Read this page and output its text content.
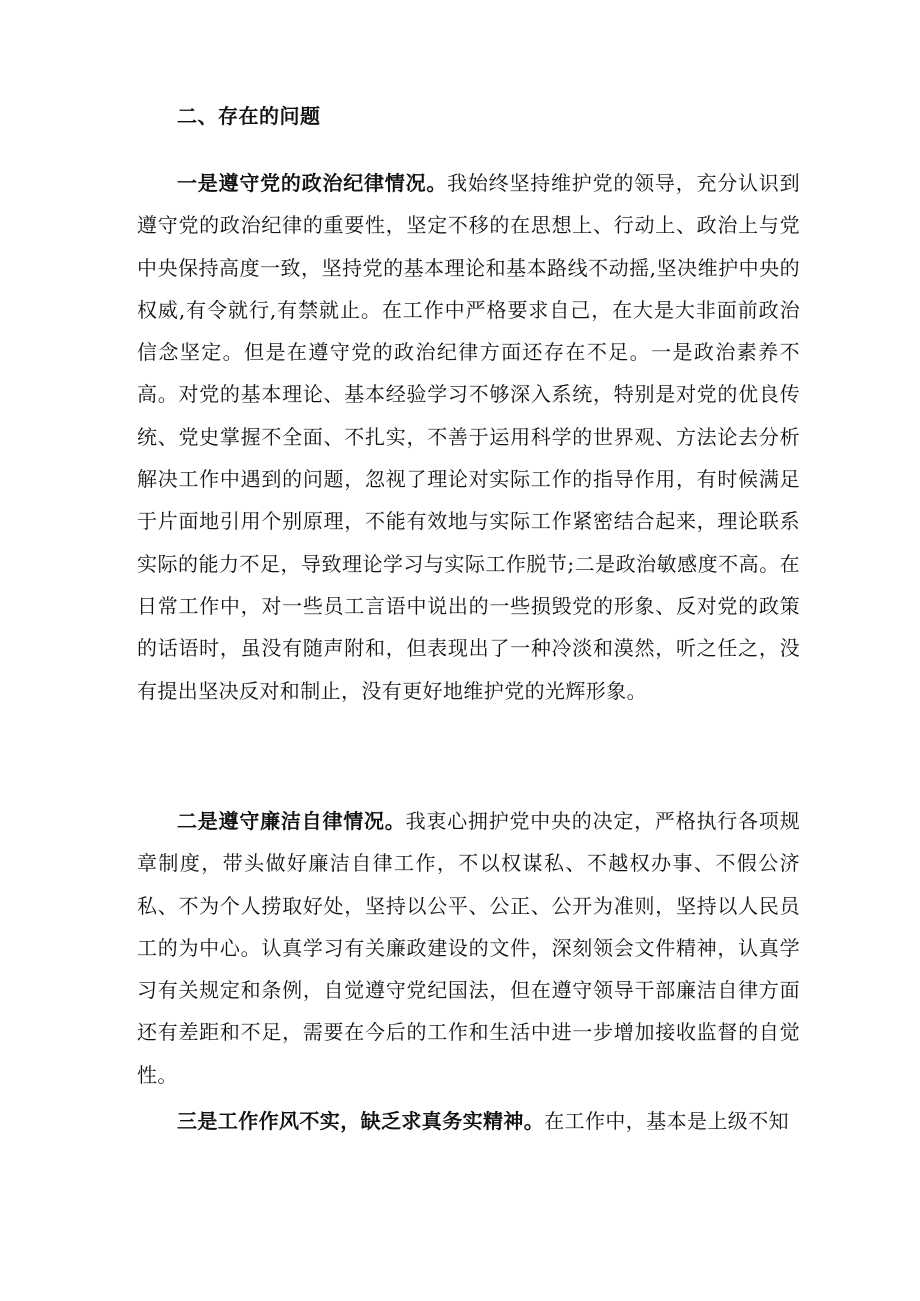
二、存在的问题

一是遵守党的政治纪律情况。我始终坚持维护党的领导，充分认识到遵守党的政治纪律的重要性，坚定不移的在思想上、行动上、政治上与党中央保持高度一致，坚持党的基本理论和基本路线不动摇,坚决维护中央的权威,有令就行,有禁就止。在工作中严格要求自己，在大是大非面前政治信念坚定。但是在遵守党的政治纪律方面还存在不足。一是政治素养不高。对党的基本理论、基本经验学习不够深入系统，特别是对党的优良传统、党史掌握不全面、不扎实，不善于运用科学的世界观、方法论去分析解决工作中遇到的问题，忽视了理论对实际工作的指导作用，有时候满足于片面地引用个别原理，不能有效地与实际工作紧密结合起来，理论联系实际的能力不足，导致理论学习与实际工作脱节;二是政治敏感度不高。在日常工作中，对一些员工言语中说出的一些损毁党的形象、反对党的政策的话语时，虽没有随声附和，但表现出了一种冷淡和漠然，听之任之，没有提出坚决反对和制止，没有更好地维护党的光辉形象。

二是遵守廉洁自律情况。我衷心拥护党中央的决定，严格执行各项规章制度，带头做好廉洁自律工作，不以权谋私、不越权办事、不假公济私、不为个人捞取好处，坚持以公平、公正、公开为准则，坚持以人民员工的为中心。认真学习有关廉政建设的文件，深刻领会文件精神，认真学习有关规定和条例，自觉遵守党纪国法，但在遵守领导干部廉洁自律方面还有差距和不足，需要在今后的工作和生活中进一步增加接收监督的自觉性。

三是工作作风不实，缺乏求真务实精神。在工作中，基本是上级不知
